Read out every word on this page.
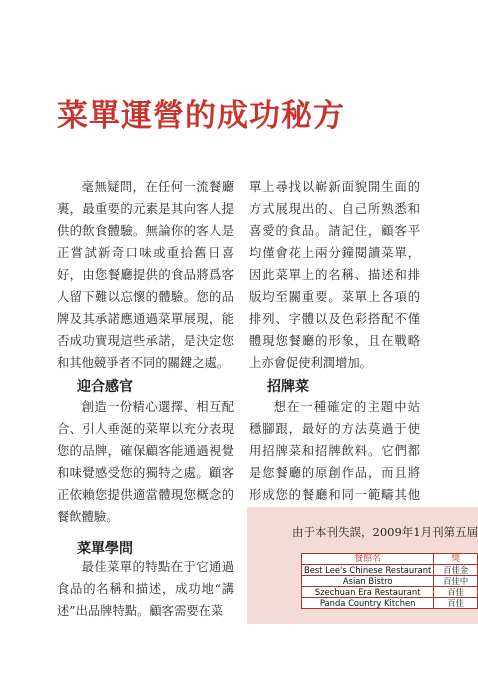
菜單運營的成功秘方

毫無疑問，在任何一流餐廳裏，最重要的元素是其向客人提供的飲食體驗。無論你的客人是正嘗試新奇口味或重拾舊日喜好，由您餐廳提供的食品將爲客人留下難以忘懷的體驗。您的品牌及其承諾應通過菜單展現，能否成功實現這些承諾，是決定您和其他競爭者不同的關鍵之處。

單上尋找以嶄新面貌開生面的方式展現出的、自己所熟悉和喜愛的食品。請記住，顧客平均僅會花上兩分鐘閱讀菜單，因此菜單上的名稱、描述和排版均至關重要。菜單上各項的排列、字體以及色彩搭配不僅體現您餐廳的形象，且在戰略上亦會促使利潤增加。

迎合感官

創造一份精心選擇、相互配合、引人垂涎的菜單以充分表現您的品牌，確保顧客能通過視覺和味覺感受您的獨特之處。顧客正依賴您提供適當體現您概念的餐飲體驗。

招牌菜

想在一種確定的主題中站穩腳跟，最好的方法莫過于使用招牌菜和招牌飲料。它們都是您餐廳的原創作品，而且將形成您的餐廳和同一範疇其他

菜單學問

最佳菜單的特點在于它通過食品的名稱和描述，成功地“講述”出品牌特點。顧客需要在菜

由于本刊失誤，2009年1月刊第五屆
餐館名	獎
Best Lee's Chinese Restaurant	百佳金
Asian Bistro	百佳中
Szechuan Era Restaurant	百佳
Panda Country Kitchen	百佳
